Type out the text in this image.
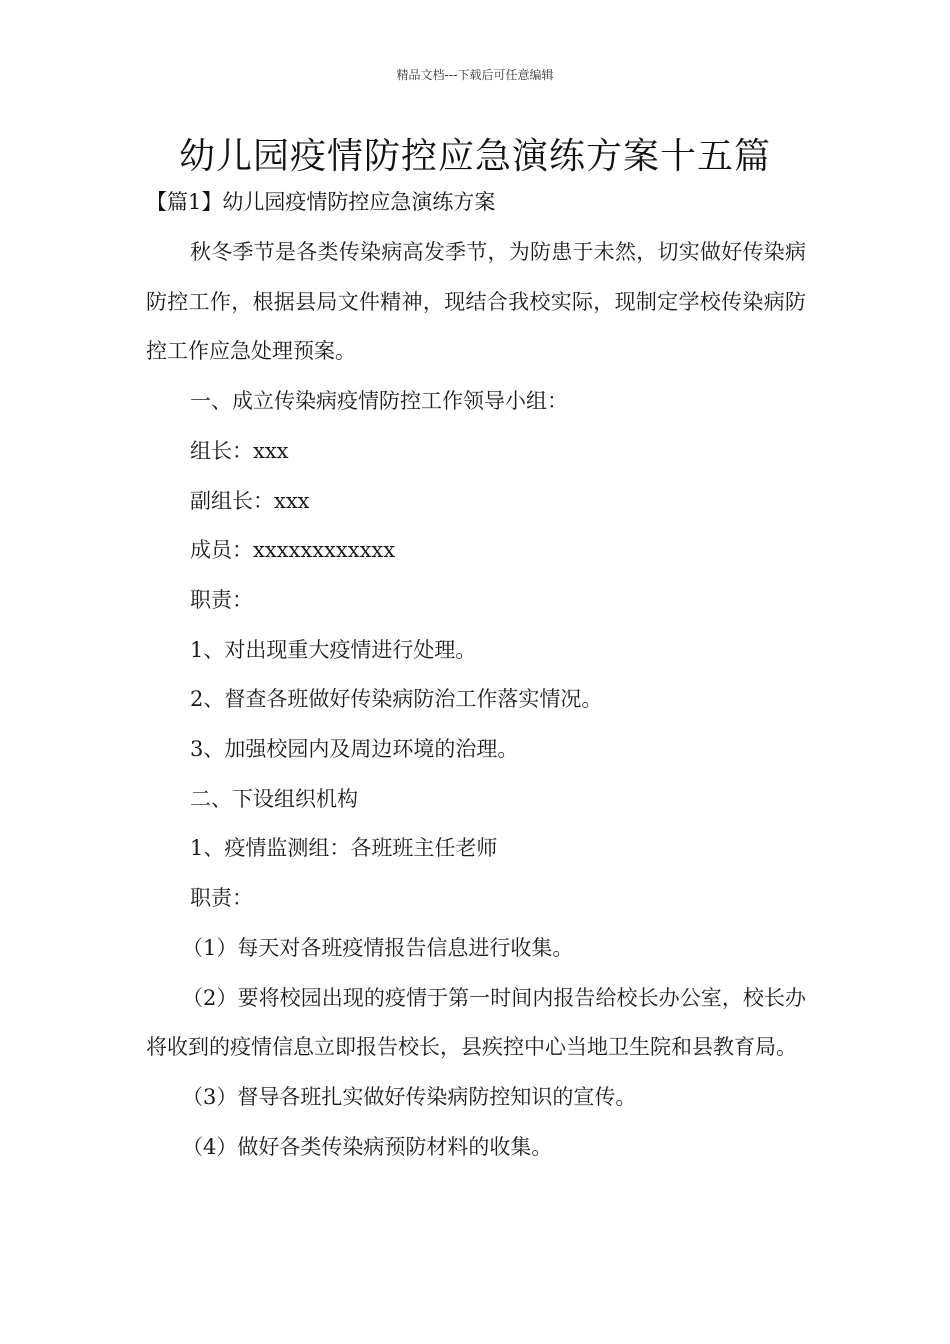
精品文档---下载后可任意编辑
幼儿园疫情防控应急演练方案十五篇
【篇1】幼儿园疫情防控应急演练方案

秋冬季节是各类传染病高发季节，为防患于未然，切实做好传染病防控工作，根据县局文件精神，现结合我校实际，现制定学校传染病防控工作应急处理预案。

一、成立传染病疫情防控工作领导小组：

组长：xxx

副组长：xxx

成员：xxxxxxxxxxxx

职责：

1、对出现重大疫情进行处理。

2、督查各班做好传染病防治工作落实情况。

3、加强校园内及周边环境的治理。

二、下设组织机构

1、疫情监测组：各班班主任老师

职责：

（1）每天对各班疫情报告信息进行收集。

（2）要将校园出现的疫情于第一时间内报告给校长办公室，校长办将收到的疫情信息立即报告校长，县疾控中心当地卫生院和县教育局。

（3）督导各班扎实做好传染病防控知识的宣传。

（4）做好各类传染病预防材料的收集。
